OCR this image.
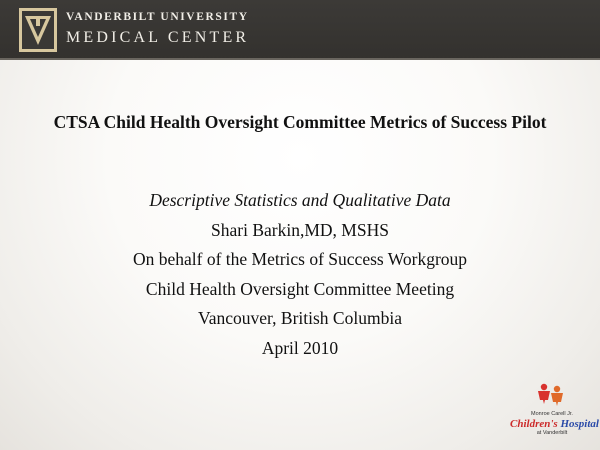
VANDERBILT UNIVERSITY
MEDICAL CENTER
CTSA Child Health Oversight Committee Metrics of Success Pilot
Descriptive Statistics and Qualitative Data
Shari Barkin,MD, MSHS
On behalf of the Metrics of Success Workgroup
Child Health Oversight Committee Meeting
Vancouver, British Columbia
April 2010
Monroe Carell Jr.
Children's Hospital
at Vanderbilt
